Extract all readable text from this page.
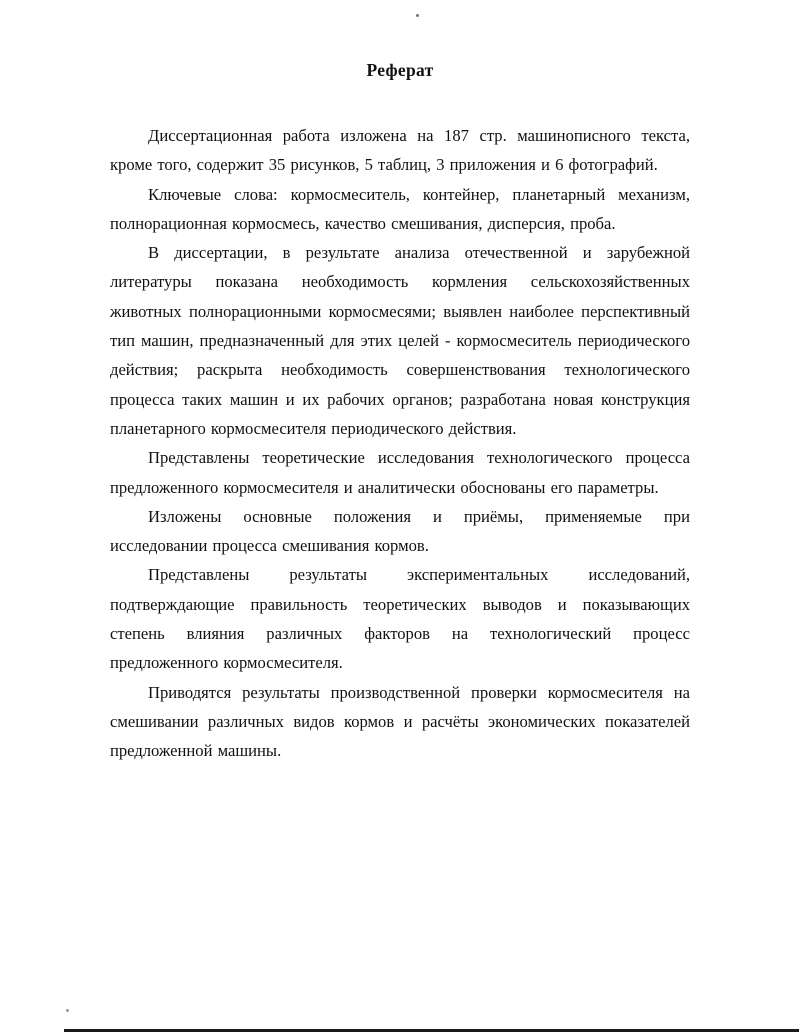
Реферат

Диссертационная работа изложена на 187 стр. машинописного текста, кроме того, содержит 35 рисунков, 5 таблиц, 3 приложения и 6 фотографий.

Ключевые слова: кормосмеситель, контейнер, планетарный механизм, полнорационная кормосмесь, качество смешивания, дисперсия, проба.

В диссертации, в результате анализа отечественной и зарубежной литературы показана необходимость кормления сельскохозяйственных животных полнорационными кормосмесями; выявлен наиболее перспективный тип машин, предназначенный для этих целей - кормосмеситель периодического действия; раскрыта необходимость совершенствования технологического процесса таких машин и их рабочих органов; разработана новая конструкция планетарного кормосмесителя периодического действия.

Представлены теоретические исследования технологического процесса предложенного кормосмесителя и аналитически обоснованы его параметры.

Изложены основные положения и приёмы, применяемые при исследовании процесса смешивания кормов.

Представлены результаты экспериментальных исследований, подтверждающие правильность теоретических выводов и показывающих степень влияния различных факторов на технологический процесс предложенного кормосмесителя.

Приводятся результаты производственной проверки кормосмесителя на смешивании различных видов кормов и расчёты экономических показателей предложенной машины.
